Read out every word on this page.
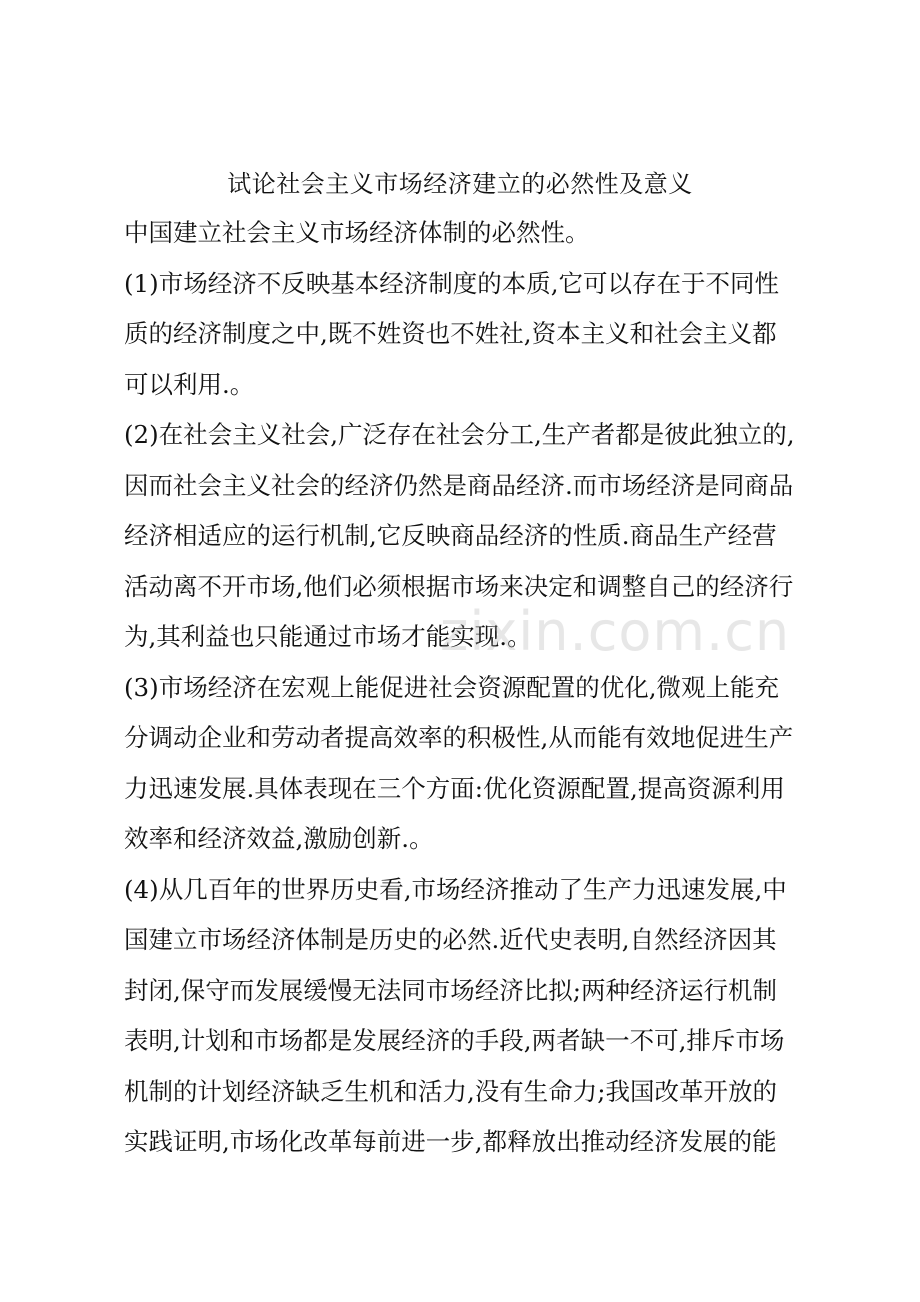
试论社会主义市场经济建立的必然性及意义
中国建立社会主义市场经济体制的必然性。
(1)市场经济不反映基本经济制度的本质,它可以存在于不同性
质的经济制度之中,既不姓资也不姓社,资本主义和社会主义都
可以利用.。
(2)在社会主义社会,广泛存在社会分工,生产者都是彼此独立的,
因而社会主义社会的经济仍然是商品经济.而市场经济是同商品
经济相适应的运行机制,它反映商品经济的性质.商品生产经营
活动离不开市场,他们必须根据市场来决定和调整自己的经济行
为,其利益也只能通过市场才能实现.。
(3)市场经济在宏观上能促进社会资源配置的优化,微观上能充
分调动企业和劳动者提高效率的积极性,从而能有效地促进生产
力迅速发展.具体表现在三个方面:优化资源配置,提高资源利用
效率和经济效益,激励创新.。
(4)从几百年的世界历史看,市场经济推动了生产力迅速发展,中
国建立市场经济体制是历史的必然.近代史表明,自然经济因其
封闭,保守而发展缓慢无法同市场经济比拟;两种经济运行机制
表明,计划和市场都是发展经济的手段,两者缺一不可,排斥市场
机制的计划经济缺乏生机和活力,没有生命力;我国改革开放的
实践证明,市场化改革每前进一步,都释放出推动经济发展的能
zixin.com.cn
